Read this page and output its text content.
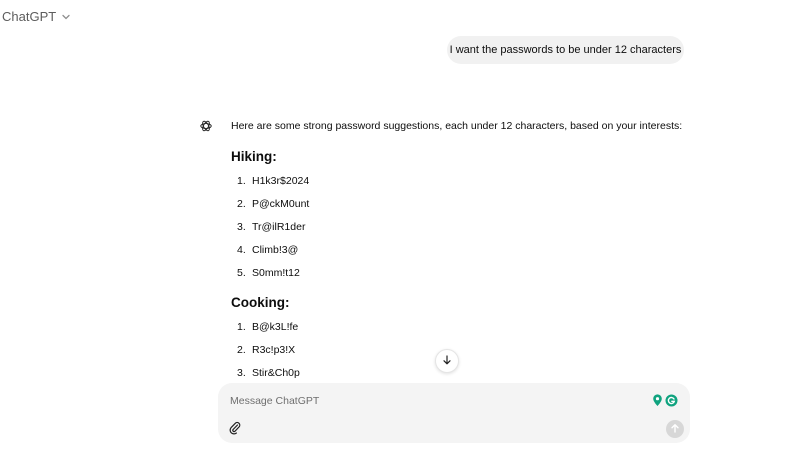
ChatGPT
I want the passwords to be under 12 characters

Here are some strong password suggestions, each under 12 characters, based on your interests:

Hiking:
1. H1k3r$2024
2. P@ckM0unt
3. Tr@ilR1der
4. Climb!3@
5. S0mm!t12
Cooking:
1. B@k3L!fe
2. R3c!p3!X
3. Stir&Ch0p
Message ChatGPT
